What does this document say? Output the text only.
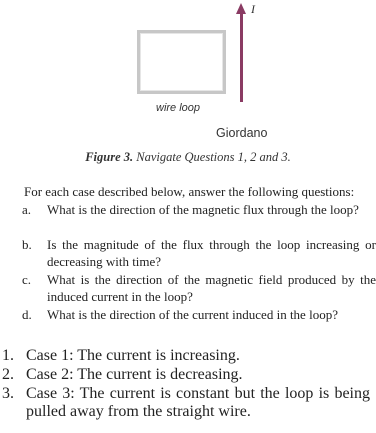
wire loop
I
Giordano
Figure 3. Navigate Questions 1, 2 and 3.
For each case described below, answer the following questions:
a.	What is the direction of the magnetic flux through the loop?
b.	Is the magnitude of the flux through the loop increasing or decreasing with time?
c.	What is the direction of the magnetic field produced by the induced current in the loop?
d.	What is the direction of the current induced in the loop?
1. Case 1: The current is increasing.
2. Case 2: The current is decreasing.
3. Case 3: The current is constant but the loop is being pulled away from the straight wire.
